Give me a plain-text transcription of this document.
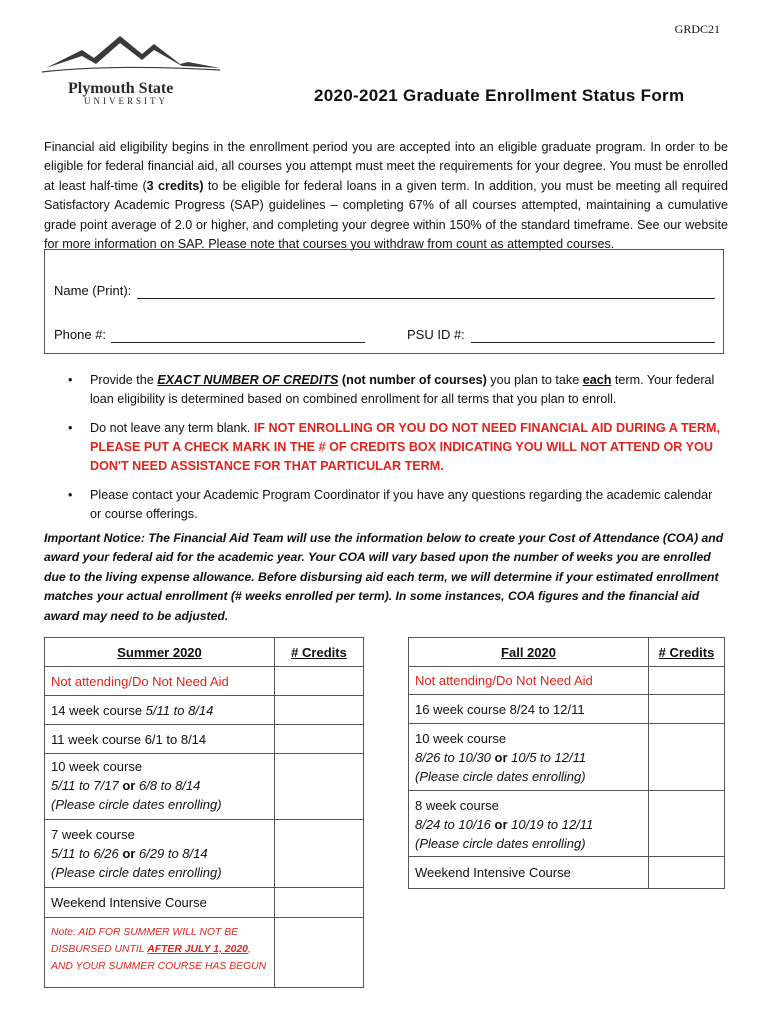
GRDC21
Plymouth State
UNIVERSITY	2020-2021 Graduate Enrollment Status Form
Financial aid eligibility begins in the enrollment period you are accepted into an eligible graduate program. In order to be eligible for federal financial aid, all courses you attempt must meet the requirements for your degree. You must be enrolled at least half-time (3 credits) to be eligible for federal loans in a given term. In addition, you must be meeting all required Satisfactory Academic Progress (SAP) guidelines – completing 67% of all courses attempted, maintaining a cumulative grade point average of 2.0 or higher, and completing your degree within 150% of the standard timeframe. See our website for more information on SAP. Please note that courses you withdraw from count as attempted courses.
Name (Print):
Phone #:	PSU ID #:
• Provide the EXACT NUMBER OF CREDITS (not number of courses) you plan to take each term. Your federal loan eligibility is determined based on combined enrollment for all terms that you plan to enroll.
• Do not leave any term blank. IF NOT ENROLLING OR YOU DO NOT NEED FINANCIAL AID DURING A TERM, PLEASE PUT A CHECK MARK IN THE # OF CREDITS BOX INDICATING YOU WILL NOT ATTEND OR YOU DON'T NEED ASSISTANCE FOR THAT PARTICULAR TERM.
• Please contact your Academic Program Coordinator if you have any questions regarding the academic calendar or course offerings.
Important Notice: The Financial Aid Team will use the information below to create your Cost of Attendance (COA) and award your federal aid for the academic year. Your COA will vary based upon the number of weeks you are enrolled due to the living expense allowance. Before disbursing aid each term, we will determine if your estimated enrollment matches your actual enrollment (# weeks enrolled per term). In some instances, COA figures and the financial aid award may need to be adjusted.
Summer 2020	# Credits
Not attending/Do Not Need Aid	
14 week course 5/11 to 8/14	
11 week course 6/1 to 8/14	
10 week course
5/11 to 7/17 or 6/8 to 8/14
(Please circle dates enrolling)	
7 week course
5/11 to 6/26 or 6/29 to 8/14
(Please circle dates enrolling)	
Weekend Intensive Course	
Note: AID FOR SUMMER WILL NOT BE DISBURSED UNTIL AFTER JULY 1, 2020, AND YOUR SUMMER COURSE HAS BEGUN	
Fall 2020	# Credits
Not attending/Do Not Need Aid	
16 week course 8/24 to 12/11	
10 week course
8/26 to 10/30 or 10/5 to 12/11
(Please circle dates enrolling)	
8 week course
8/24 to 10/16 or 10/19 to 12/11
(Please circle dates enrolling)	
Weekend Intensive Course	
